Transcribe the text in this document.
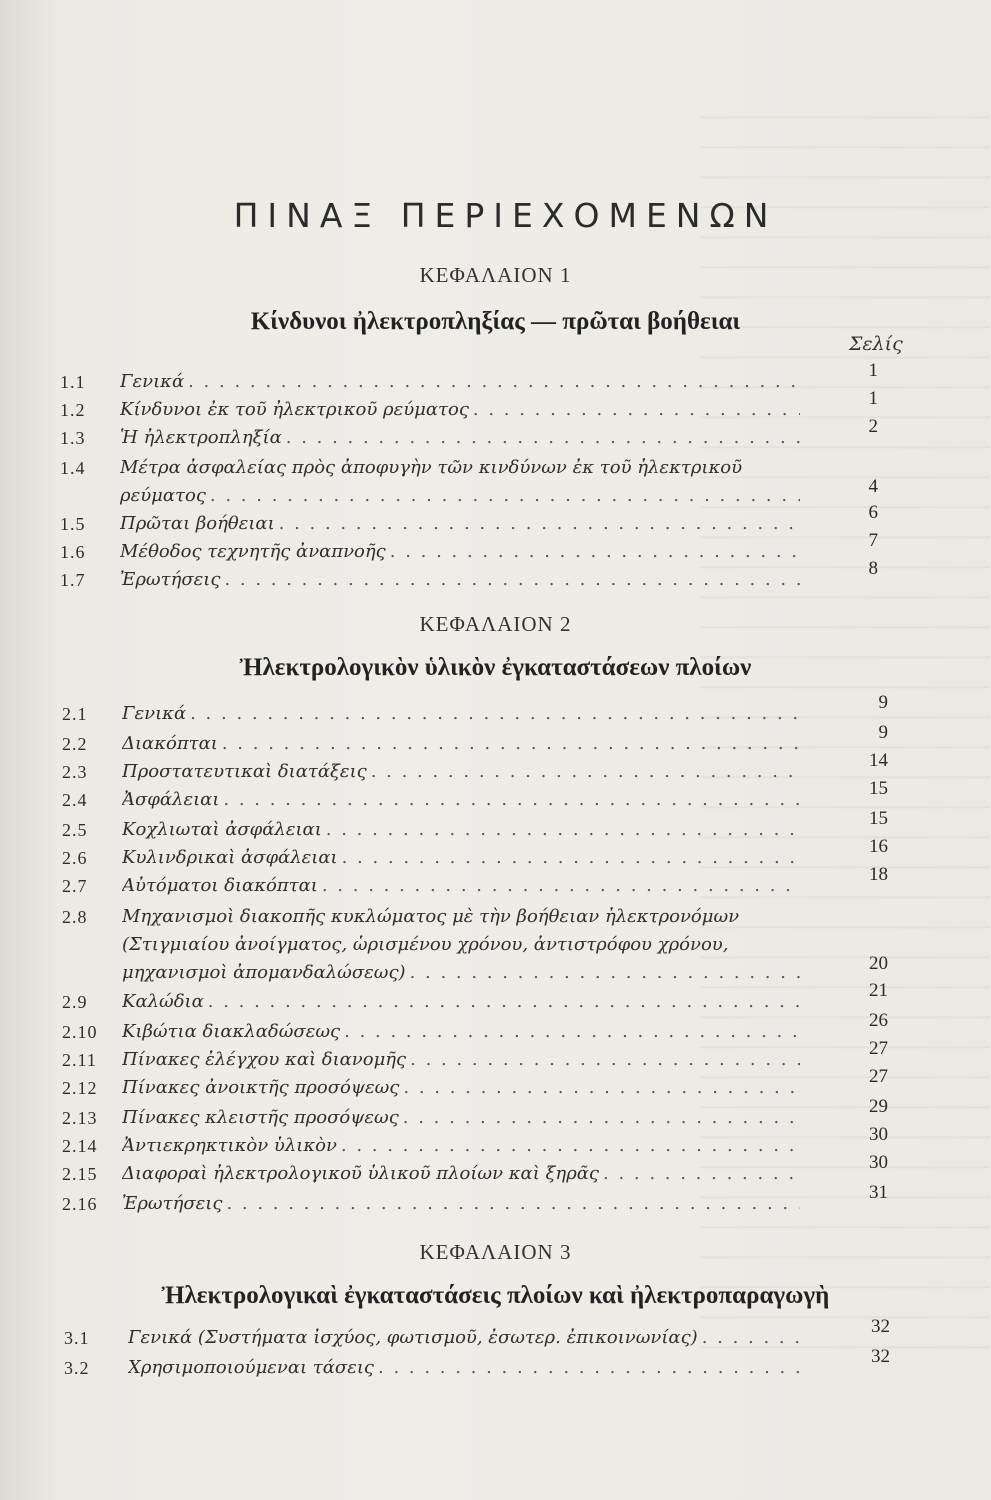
ΠΙΝΑΞ ΠΕΡΙΕΧΟΜΕΝΩΝ
Σελίς
ΚΕΦΑΛΑΙΟΝ 1
Κίνδυνοι ἠλεκτροπληξίας — πρῶται βοήθειαι
1.1 Γενικά
. . .
1
1.2 Κίνδυνοι ἐκ τοῦ ἠλεκτρικοῦ ρεύματος
. . .
1
1.3 Ἡ ἠλεκτροπληξία
. . .
2
1.4 Μέτρα ἀσφαλείας πρὸς ἀποφυγὴν τῶν κινδύνων ἐκ τοῦ ἠλεκτρικοῦ
ρεύματος . . .	4
1.5 Πρῶται βοήθειαι
. . .
6
1.6 Μέθοδος τεχνητῆς ἀναπνοῆς
. . .
7
1.7 Ἐρωτήσεις
. . .
8
ΚΕΦΑΛΑΙΟΝ 2
Ἠλεκτρολογικὸν ὑλικὸν ἐγκαταστάσεων πλοίων
2.1 Γενικά
. . .
9
2.2 Διακόπται
. . .
9
2.3 Προστατευτικαὶ διατάξεις
. . .
14
2.4 Ἀσφάλειαι
. . .
15
2.5 Κοχλιωταὶ ἀσφάλειαι
. . .
15
2.6 Κυλινδρικαὶ ἀσφάλειαι
. . .
16
2.7 Αὐτόματοι διακόπται
. . .
18
2.8 Μηχανισμοὶ διακοπῆς κυκλώματος μὲ τὴν βοήθειαν ἠλεκτρονόμων
(Στιγμιαίου ἀνοίγματος, ὡρισμένου χρόνου, ἀντιστρόφου χρόνου,
μηχανισμοὶ ἀπομανδαλώσεως) . . .	20
2.9 Καλώδια
. . .
21
2.10 Κιβώτια διακλαδώσεως
. . .
26
2.11 Πίνακες ἐλέγχου καὶ διανομῆς
. . .
27
2.12 Πίνακες ἀνοικτῆς προσόψεως
. . .
27
2.13 Πίνακες κλειστῆς προσόψεως
. . .
29
2.14 Ἀντιεκρηκτικὸν ὑλικὸν
. . .
30
2.15 Διαφοραὶ ἠλεκτρολογικοῦ ὑλικοῦ πλοίων καὶ ξηρᾶς
. . .
30
2.16 Ἐρωτήσεις
. . .
31
ΚΕΦΑΛΑΙΟΝ 3
Ἠλεκτρολογικαὶ ἐγκαταστάσεις πλοίων καὶ ἠλεκτροπαραγωγὴ
3.1 Γενικά (Συστήματα ἰσχύος, φωτισμοῦ, ἐσωτερ. ἐπικοινωνίας)
. . .
32
3.2 Χρησιμοποιούμεναι τάσεις
. . .
32
